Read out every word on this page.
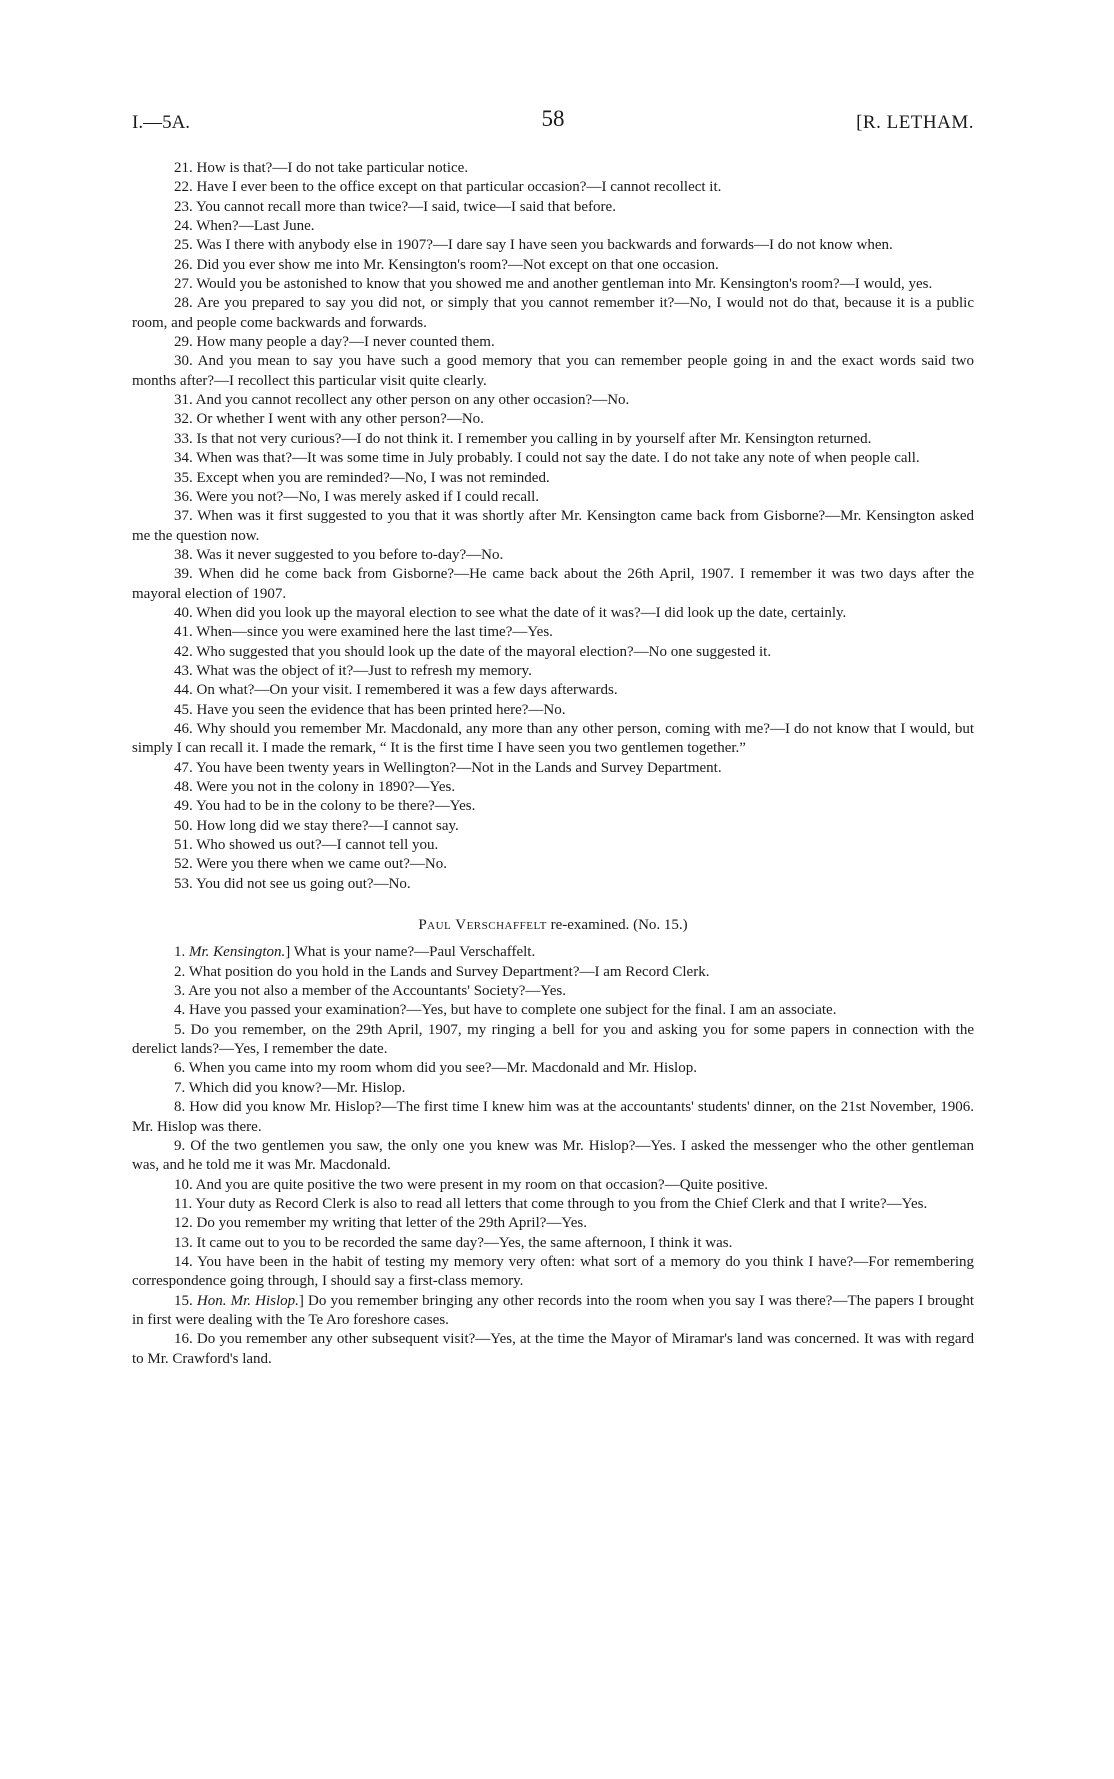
I.—5A.	58	[R. LETHAM.

21. How is that?—I do not take particular notice.

22. Have I ever been to the office except on that particular occasion?—I cannot recollect it.

23. You cannot recall more than twice?—I said, twice—I said that before.

24. When?—Last June.

25. Was I there with anybody else in 1907?—I dare say I have seen you backwards and forwards—I do not know when.

26. Did you ever show me into Mr. Kensington's room?—Not except on that one occasion.

27. Would you be astonished to know that you showed me and another gentleman into Mr. Kensington's room?—I would, yes.

28. Are you prepared to say you did not, or simply that you cannot remember it?—No, I would not do that, because it is a public room, and people come backwards and forwards.

29. How many people a day?—I never counted them.

30. And you mean to say you have such a good memory that you can remember people going in and the exact words said two months after?—I recollect this particular visit quite clearly.

31. And you cannot recollect any other person on any other occasion?—No.

32. Or whether I went with any other person?—No.

33. Is that not very curious?—I do not think it. I remember you calling in by yourself after Mr. Kensington returned.

34. When was that?—It was some time in July probably. I could not say the date. I do not take any note of when people call.

35. Except when you are reminded?—No, I was not reminded.

36. Were you not?—No, I was merely asked if I could recall.

37. When was it first suggested to you that it was shortly after Mr. Kensington came back from Gisborne?—Mr. Kensington asked me the question now.

38. Was it never suggested to you before to-day?—No.

39. When did he come back from Gisborne?—He came back about the 26th April, 1907. I remember it was two days after the mayoral election of 1907.

40. When did you look up the mayoral election to see what the date of it was?—I did look up the date, certainly.

41. When—since you were examined here the last time?—Yes.

42. Who suggested that you should look up the date of the mayoral election?—No one suggested it.

43. What was the object of it?—Just to refresh my memory.

44. On what?—On your visit. I remembered it was a few days afterwards.

45. Have you seen the evidence that has been printed here?—No.

46. Why should you remember Mr. Macdonald, any more than any other person, coming with me?—I do not know that I would, but simply I can recall it. I made the remark, “ It is the first time I have seen you two gentlemen together.”

47. You have been twenty years in Wellington?—Not in the Lands and Survey Department.

48. Were you not in the colony in 1890?—Yes.

49. You had to be in the colony to be there?—Yes.

50. How long did we stay there?—I cannot say.

51. Who showed us out?—I cannot tell you.

52. Were you there when we came out?—No.

53. You did not see us going out?—No.

Paul Verschaffelt re-examined. (No. 15.)

1. Mr. Kensington.] What is your name?—Paul Verschaffelt.

2. What position do you hold in the Lands and Survey Department?—I am Record Clerk.

3. Are you not also a member of the Accountants' Society?—Yes.

4. Have you passed your examination?—Yes, but have to complete one subject for the final. I am an associate.

5. Do you remember, on the 29th April, 1907, my ringing a bell for you and asking you for some papers in connection with the derelict lands?—Yes, I remember the date.

6. When you came into my room whom did you see?—Mr. Macdonald and Mr. Hislop.

7. Which did you know?—Mr. Hislop.

8. How did you know Mr. Hislop?—The first time I knew him was at the accountants' students' dinner, on the 21st November, 1906. Mr. Hislop was there.

9. Of the two gentlemen you saw, the only one you knew was Mr. Hislop?—Yes. I asked the messenger who the other gentleman was, and he told me it was Mr. Macdonald.

10. And you are quite positive the two were present in my room on that occasion?—Quite positive.

11. Your duty as Record Clerk is also to read all letters that come through to you from the Chief Clerk and that I write?—Yes.

12. Do you remember my writing that letter of the 29th April?—Yes.

13. It came out to you to be recorded the same day?—Yes, the same afternoon, I think it was.

14. You have been in the habit of testing my memory very often: what sort of a memory do you think I have?—For remembering correspondence going through, I should say a first-class memory.

15. Hon. Mr. Hislop.] Do you remember bringing any other records into the room when you say I was there?—The papers I brought in first were dealing with the Te Aro foreshore cases.

16. Do you remember any other subsequent visit?—Yes, at the time the Mayor of Miramar's land was concerned. It was with regard to Mr. Crawford's land.
